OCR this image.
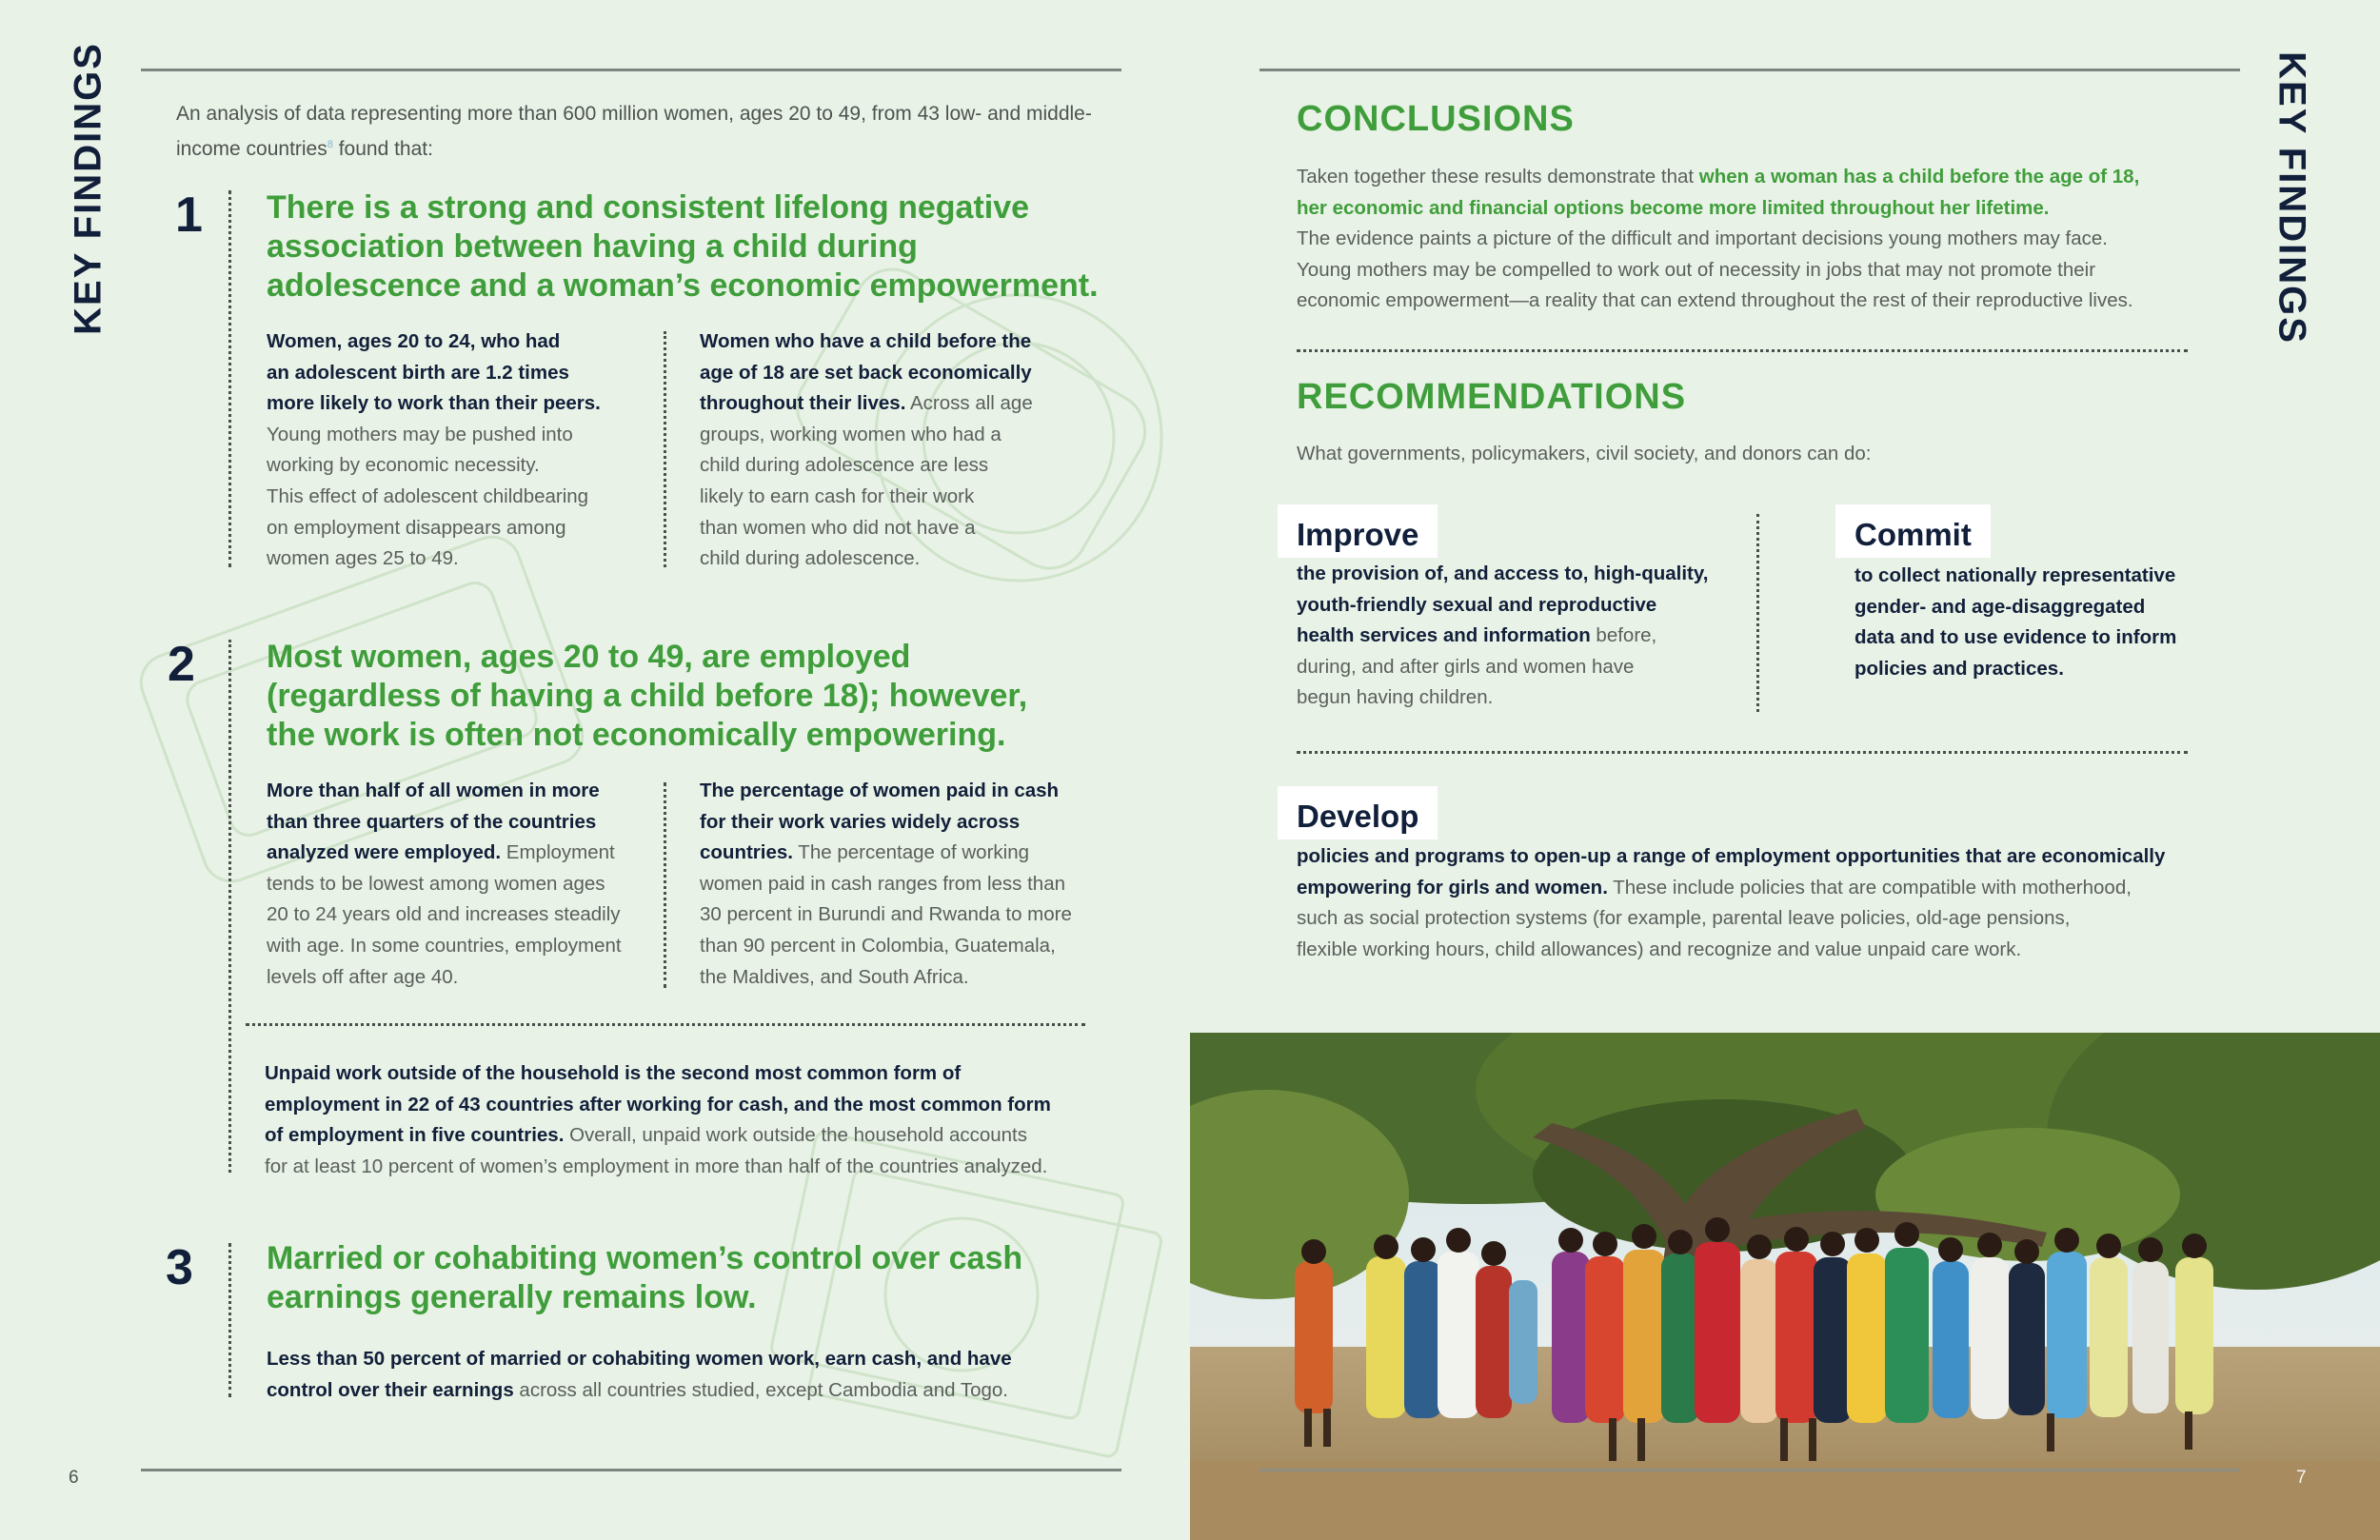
KEY FINDINGS	An analysis of data representing more than 600 million women, ages 20 to 49, from 43 low- and middle-
income countries$^8$ found that:
1 There is a strong and consistent lifelong negative
association between having a child during
adolescence and a woman’s economic empowerment.
Women, ages 20 to 24, who had
an adolescent birth are 1.2 times
more likely to work than their peers.
Young mothers may be pushed into
working by economic necessity.
This effect of adolescent childbearing
on employment disappears among
women ages 25 to 49.
Women who have a child before the
age of 18 are set back economically
throughout their lives. Across all age
groups, working women who had a
child during adolescence are less
likely to earn cash for their work
than women who did not have a
child during adolescence.
2 Most women, ages 20 to 49, are employed
(regardless of having a child before 18); however,
the work is often not economically empowering.
More than half of all women in more
than three quarters of the countries
analyzed were employed. Employment
tends to be lowest among women ages
20 to 24 years old and increases steadily
with age. In some countries, employment
levels off after age 40.
The percentage of women paid in cash
for their work varies widely across
countries. The percentage of working
women paid in cash ranges from less than
30 percent in Burundi and Rwanda to more
than 90 percent in Colombia, Guatemala,
the Maldives, and South Africa.
Unpaid work outside of the household is the second most common form of
employment in 22 of 43 countries after working for cash, and the most common form
of employment in five countries. Overall, unpaid work outside the household accounts
for at least 10 percent of women’s employment in more than half of the countries analyzed.
3 Married or cohabiting women’s control over cash
earnings generally remains low.
Less than 50 percent of married or cohabiting women work, earn cash, and have
control over their earnings across all countries studied, except Cambodia and Togo.
6
KEY FINDINGS
CONCLUSIONS
Taken together these results demonstrate that when a woman has a child before the age of 18,
her economic and financial options become more limited throughout her lifetime.
The evidence paints a picture of the difficult and important decisions young mothers may face.
Young mothers may be compelled to work out of necessity in jobs that may not promote their
economic empowerment—a reality that can extend throughout the rest of their reproductive lives.
RECOMMENDATIONS
What governments, policymakers, civil society, and donors can do:
Improve
the provision of, and access to, high-quality,
youth-friendly sexual and reproductive
health services and information before,
during, and after girls and women have
begun having children.
Commit
to collect nationally representative
gender- and age-disaggregated
data and to use evidence to inform
policies and practices.
Develop
policies and programs to open-up a range of employment opportunities that are economically
empowering for girls and women. These include policies that are compatible with motherhood,
such as social protection systems (for example, parental leave policies, old-age pensions,
flexible working hours, child allowances) and recognize and value unpaid care work.
7
